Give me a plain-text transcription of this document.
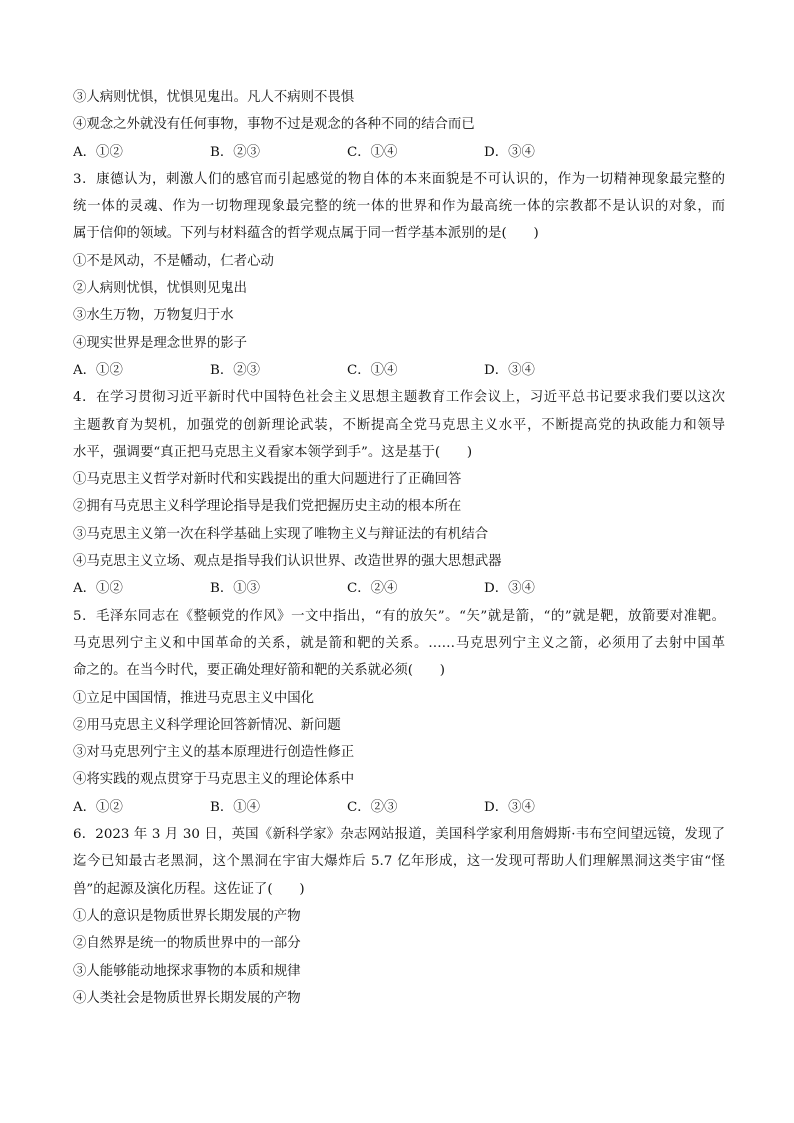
③人病则忧惧，忧惧见鬼出。凡人不病则不畏惧
④观念之外就没有任何事物，事物不过是观念的各种不同的结合而已
A．①②	B．②③	C．①④	D．③④
3．康德认为，刺激人们的感官而引起感觉的物自体的本来面貌是不可认识的，作为一切精神现象最完整的
统一体的灵魂、作为一切物理现象最完整的统一体的世界和作为最高统一体的宗教都不是认识的对象，而
属于信仰的领域。下列与材料蕴含的哲学观点属于同一哲学基本派别的是(　　)
①不是风动，不是幡动，仁者心动
②人病则忧惧，忧惧则见鬼出
③水生万物，万物复归于水
④现实世界是理念世界的影子
A．①②	B．②③	C．①④	D．③④
4．在学习贯彻习近平新时代中国特色社会主义思想主题教育工作会议上，习近平总书记要求我们要以这次
主题教育为契机，加强党的创新理论武装，不断提高全党马克思主义水平，不断提高党的执政能力和领导
水平，强调要“真正把马克思主义看家本领学到手”。这是基于(　　)
①马克思主义哲学对新时代和实践提出的重大问题进行了正确回答
②拥有马克思主义科学理论指导是我们党把握历史主动的根本所在
③马克思主义第一次在科学基础上实现了唯物主义与辩证法的有机结合
④马克思主义立场、观点是指导我们认识世界、改造世界的强大思想武器
A．①②	B．①③	C．②④	D．③④
5．毛泽东同志在《整顿党的作风》一文中指出，“有的放矢”。“矢”就是箭，“的”就是靶，放箭要对准靶。
马克思列宁主义和中国革命的关系，就是箭和靶的关系。……马克思列宁主义之箭，必须用了去射中国革
命之的。在当今时代，要正确处理好箭和靶的关系就必须(　　)
①立足中国国情，推进马克思主义中国化
②用马克思主义科学理论回答新情况、新问题
③对马克思列宁主义的基本原理进行创造性修正
④将实践的观点贯穿于马克思主义的理论体系中
A．①②	B．①④	C．②③	D．③④
6．2023 年 3 月 30 日，英国《新科学家》杂志网站报道，美国科学家利用詹姆斯·韦布空间望远镜，发现了
迄今已知最古老黑洞，这个黑洞在宇宙大爆炸后 5.7 亿年形成，这一发现可帮助人们理解黑洞这类宇宙“怪
兽”的起源及演化历程。这佐证了(　　)
①人的意识是物质世界长期发展的产物
②自然界是统一的物质世界中的一部分
③人能够能动地探求事物的本质和规律
④人类社会是物质世界长期发展的产物
